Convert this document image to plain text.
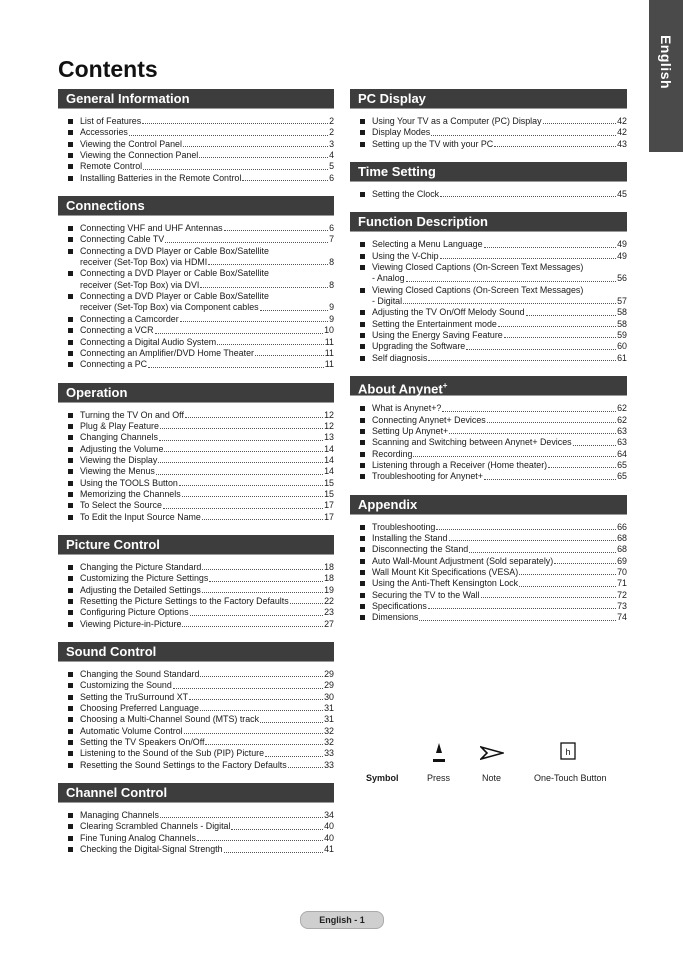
English
Contents
General Information
List of Features	2
Accessories	2
Viewing the Control Panel	3
Viewing the Connection Panel	4
Remote Control	5
Installing Batteries in the Remote Control	6
Connections
Connecting VHF and UHF Antennas	6
Connecting Cable TV	7
Connecting a DVD Player or Cable Box/Satellite
receiver (Set-Top Box) via HDMI	8
Connecting a DVD Player or Cable Box/Satellite
receiver (Set-Top Box) via DVI	8
Connecting a DVD Player or Cable Box/Satellite
receiver (Set-Top Box) via Component cables	9
Connecting a Camcorder	9
Connecting a VCR	10
Connecting a Digital Audio System	11
Connecting an Amplifier/DVD Home Theater	11
Connecting a PC	11
Operation
Turning the TV On and Off	12
Plug & Play Feature	12
Changing Channels	13
Adjusting the Volume	14
Viewing the Display	14
Viewing the Menus	14
Using the TOOLS Button	15
Memorizing the Channels	15
To Select the Source	17
To Edit the Input Source Name	17
Picture Control
Changing the Picture Standard	18
Customizing the Picture Settings	18
Adjusting the Detailed Settings	19
Resetting the Picture Settings to the Factory Defaults	22
Configuring Picture Options	23
Viewing Picture-in-Picture	27
Sound Control
Changing the Sound Standard	29
Customizing the Sound	29
Setting the TruSurround XT	30
Choosing Preferred Language	31
Choosing a Multi-Channel Sound (MTS) track	31
Automatic Volume Control	32
Setting the TV Speakers On/Off	32
Listening to the Sound of the Sub (PIP) Picture	33
Resetting the Sound Settings to the Factory Defaults	33
Channel Control
Managing Channels	34
Clearing Scrambled Channels - Digital	40
Fine Tuning Analog Channels	40
Checking the Digital-Signal Strength	41
PC Display
Using Your TV as a Computer (PC) Display	42
Display Modes	42
Setting up the TV with your PC	43
Time Setting
Setting the Clock	45
Function Description
Selecting a Menu Language	49
Using the V-Chip	49
Viewing Closed Captions (On-Screen Text Messages)
- Analog	56
Viewing Closed Captions (On-Screen Text Messages)
- Digital	57
Adjusting the TV On/Off Melody Sound	58
Setting the Entertainment mode	58
Using the Energy Saving Feature	59
Upgrading the Software	60
Self diagnosis	61
About Anynet+
What is Anynet+?	62
Connecting Anynet+ Devices	62
Setting Up Anynet+	63
Scanning and Switching between Anynet+ Devices	63
Recording	64
Listening through a Receiver (Home theater)	65
Troubleshooting for Anynet+	65
Appendix
Troubleshooting	66
Installing the Stand	68
Disconnecting the Stand	68
Auto Wall-Mount Adjustment (Sold separately)	69
Wall Mount Kit Specifications (VESA)	70
Using the Anti-Theft Kensington Lock	71
Securing the TV to the Wall	72
Specifications	73
Dimensions	74
h
Symbol	Press	Note	One-Touch Button
English - 1
